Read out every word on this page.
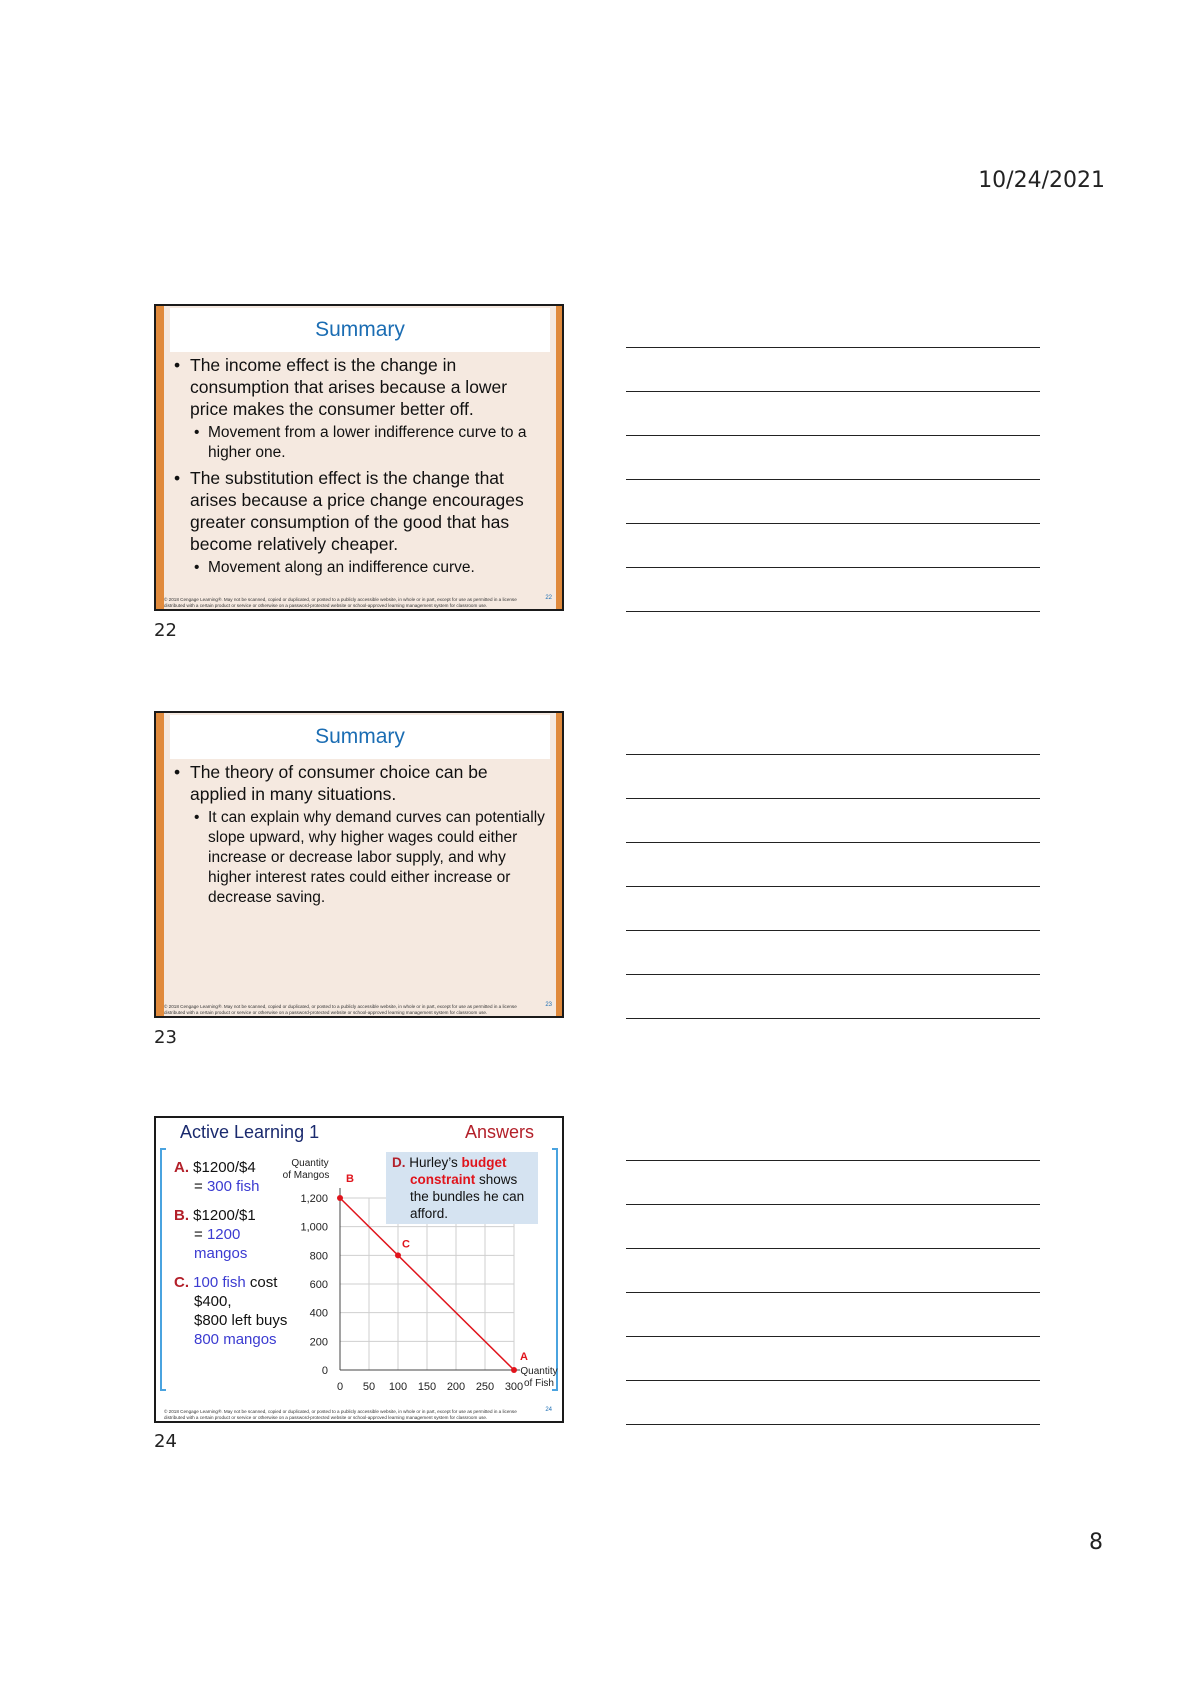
10/24/2021
Summary
• The income effect is the change in consumption that arises because a lower price makes the consumer better off.
• Movement from a lower indifference curve to a higher one.
• The substitution effect is the change that arises because a price change encourages greater consumption of the good that has become relatively cheaper.
• Movement along an indifference curve.
© 2018 Cengage Learning®. May not be scanned, copied or duplicated, or posted to a publicly accessible website, in whole or in part, except for use as permitted in a license distributed with a certain product or service or otherwise on a password-protected website or school-approved learning management system for classroom use.
22
22
Summary
• The theory of consumer choice can be applied in many situations.
• It can explain why demand curves can potentially slope upward, why higher wages could either increase or decrease labor supply, and why higher interest rates could either increase or decrease saving.
© 2018 Cengage Learning®. May not be scanned, copied or duplicated, or posted to a publicly accessible website, in whole or in part, except for use as permitted in a license distributed with a certain product or service or otherwise on a password-protected website or school-approved learning management system for classroom use.
23
23
Active Learning 1	Answers
A. $1200/$4
= 300 fish
B. $1200/$1
= 1200
mangos
C. 100 fish cost
$400,
$800 left buys
800 mangos
0 50 100 150 200 250 300
0
200
400
600
800
1,000
1,200
Quantity
of Mangos
Quantity
of Fish
B
C
A
D. Hurley’s budget
constraint shows
the bundles he can
afford.
© 2018 Cengage Learning®. May not be scanned, copied or duplicated, or posted to a publicly accessible website, in whole or in part, except for use as permitted in a license distributed with a certain product or service or otherwise on a password-protected website or school-approved learning management system for classroom use.
24
24
8
